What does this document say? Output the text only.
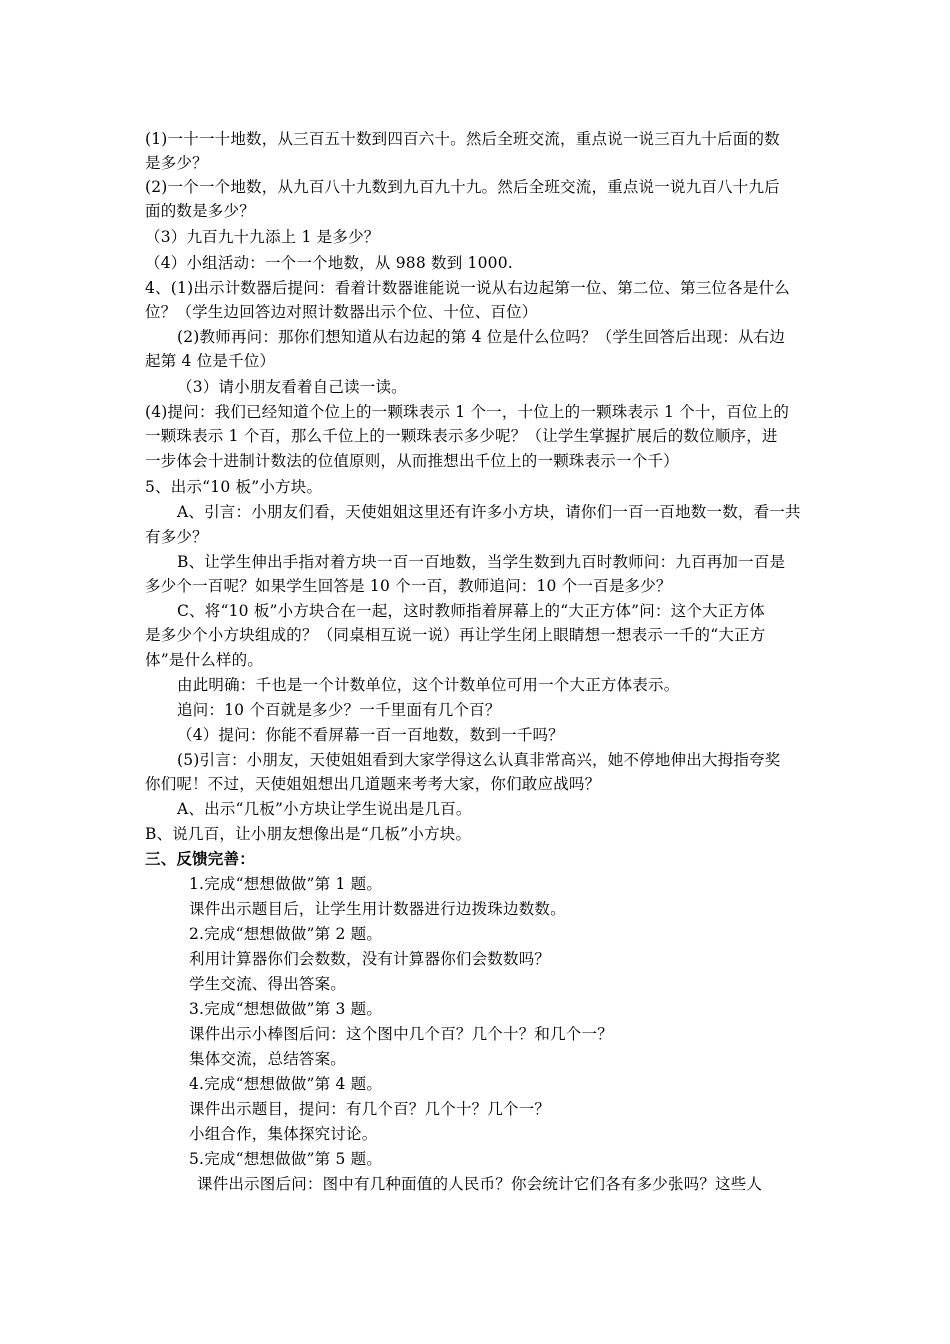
(1)一十一十地数，从三百五十数到四百六十。然后全班交流，重点说一说三百九十后面的数
是多少？
(2)一个一个地数，从九百八十九数到九百九十九。然后全班交流，重点说一说九百八十九后
面的数是多少？
（3）九百九十九添上 1 是多少？
（4）小组活动：一个一个地数，从 988 数到 1000.
4、(1)出示计数器后提问：看着计数器谁能说一说从右边起第一位、第二位、第三位各是什么
位？（学生边回答边对照计数器出示个位、十位、百位）
(2)教师再问：那你们想知道从右边起的第 4 位是什么位吗？（学生回答后出现：从右边
起第 4 位是千位）
（3）请小朋友看着自己读一读。
(4)提问：我们已经知道个位上的一颗珠表示 1 个一，十位上的一颗珠表示 1 个十，百位上的
一颗珠表示 1 个百，那么千位上的一颗珠表示多少呢？（让学生掌握扩展后的数位顺序，进
一步体会十进制计数法的位值原则，从而推想出千位上的一颗珠表示一个千）
5、出示“10 板”小方块。
A、引言：小朋友们看，天使姐姐这里还有许多小方块，请你们一百一百地数一数，看一共
有多少？
B、让学生伸出手指对着方块一百一百地数，当学生数到九百时教师问：九百再加一百是
多少个一百呢？如果学生回答是 10 个一百，教师追问：10 个一百是多少？
C、将“10 板”小方块合在一起，这时教师指着屏幕上的“大正方体”问：这个大正方体
是多少个小方块组成的？（同桌相互说一说）再让学生闭上眼睛想一想表示一千的“大正方
体”是什么样的。
由此明确：千也是一个计数单位，这个计数单位可用一个大正方体表示。
追问：10 个百就是多少？一千里面有几个百？
（4）提问：你能不看屏幕一百一百地数，数到一千吗？
(5)引言：小朋友，天使姐姐看到大家学得这么认真非常高兴，她不停地伸出大拇指夸奖
你们呢！不过，天使姐姐想出几道题来考考大家，你们敢应战吗？
A、出示“几板”小方块让学生说出是几百。
B、说几百，让小朋友想像出是“几板”小方块。
三、反馈完善：
1.完成“想想做做”第 1 题。
课件出示题目后，让学生用计数器进行边拨珠边数数。
2.完成“想想做做”第 2 题。
利用计算器你们会数数，没有计算器你们会数数吗？
学生交流、得出答案。
3.完成“想想做做”第 3 题。
课件出示小棒图后问：这个图中几个百？几个十？和几个一？
集体交流，总结答案。
4.完成“想想做做”第 4 题。
课件出示题目，提问：有几个百？几个十？几个一？
小组合作，集体探究讨论。
5.完成“想想做做”第 5 题。
课件出示图后问：图中有几种面值的人民币？你会统计它们各有多少张吗？这些人
